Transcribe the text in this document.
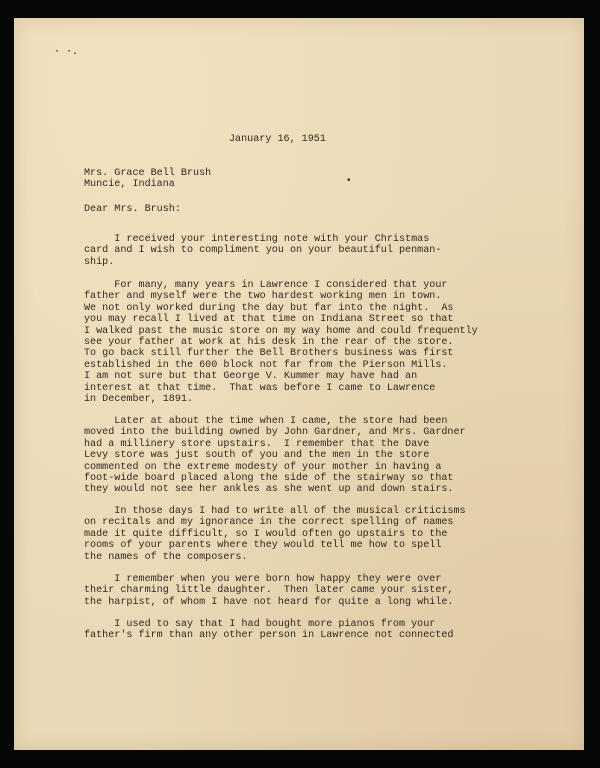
· ·.
•
January 16, 1951
Mrs. Grace Bell Brush
Muncie, Indiana
Dear Mrs. Brush:
I received your interesting note with your Christmas
card and I wish to compliment you on your beautiful penman-
ship.
For many, many years in Lawrence I considered that your
father and myself were the two hardest working men in town.
We not only worked during the day but far into the night.  As
you may recall I lived at that time on Indiana Street so that
I walked past the music store on my way home and could frequently
see your father at work at his desk in the rear of the store.
To go back still further the Bell Brothers business was first
established in the 600 block not far from the Pierson Mills.
I am not sure but that George V. Kummer may have had an
interest at that time.  That was before I came to Lawrence
in December, 1891.
Later at about the time when I came, the store had been
moved into the building owned by John Gardner, and Mrs. Gardner
had a millinery store upstairs.  I remember that the Dave
Levy store was just south of you and the men in the store
commented on the extreme modesty of your mother in having a
foot-wide board placed along the side of the stairway so that
they would not see her ankles as she went up and down stairs.
In those days I had to write all of the musical criticisms
on recitals and my ignorance in the correct spelling of names
made it quite difficult, so I would often go upstairs to the
rooms of your parents where they would tell me how to spell
the names of the composers.
I remember when you were born how happy they were over
their charming little daughter.  Then later came your sister,
the harpist, of whom I have not heard for quite a long while.
I used to say that I had bought more pianos from your
father's firm than any other person in Lawrence not connected
